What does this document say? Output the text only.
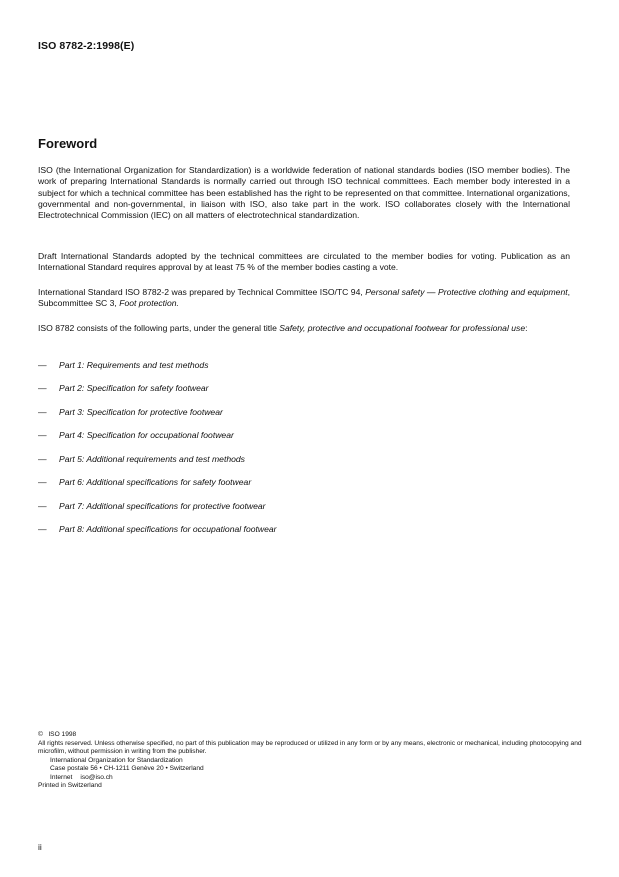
ISO 8782-2:1998(E)
Foreword

ISO (the International Organization for Standardization) is a worldwide federation of national standards bodies (ISO member bodies). The work of preparing International Standards is normally carried out through ISO technical committees. Each member body interested in a subject for which a technical committee has been established has the right to be represented on that committee. International organizations, governmental and non-governmental, in liaison with ISO, also take part in the work. ISO collaborates closely with the International Electrotechnical Commission (IEC) on all matters of electrotechnical standardization.

Draft International Standards adopted by the technical committees are circulated to the member bodies for voting. Publication as an International Standard requires approval by at least 75 % of the member bodies casting a vote.

International Standard ISO 8782-2 was prepared by Technical Committee ISO/TC 94, Personal safety — Protective clothing and equipment, Subcommittee SC 3, Foot protection.

ISO 8782 consists of the following parts, under the general title Safety, protective and occupational footwear for professional use:

— Part 1: Requirements and test methods
— Part 2: Specification for safety footwear
— Part 3: Specification for protective footwear
— Part 4: Specification for occupational footwear
— Part 5: Additional requirements and test methods
— Part 6: Additional specifications for safety footwear
— Part 7: Additional specifications for protective footwear
— Part 8: Additional specifications for occupational footwear
©   ISO 1998
All rights reserved. Unless otherwise specified, no part of this publication may be reproduced or utilized in any form or by any means, electronic or mechanical, including photocopying and microfilm, without permission in writing from the publisher.
International Organization for Standardization
Case postale 56 • CH-1211 Genève 20 • Switzerland
Internet iso@iso.ch
Printed in Switzerland
ii
